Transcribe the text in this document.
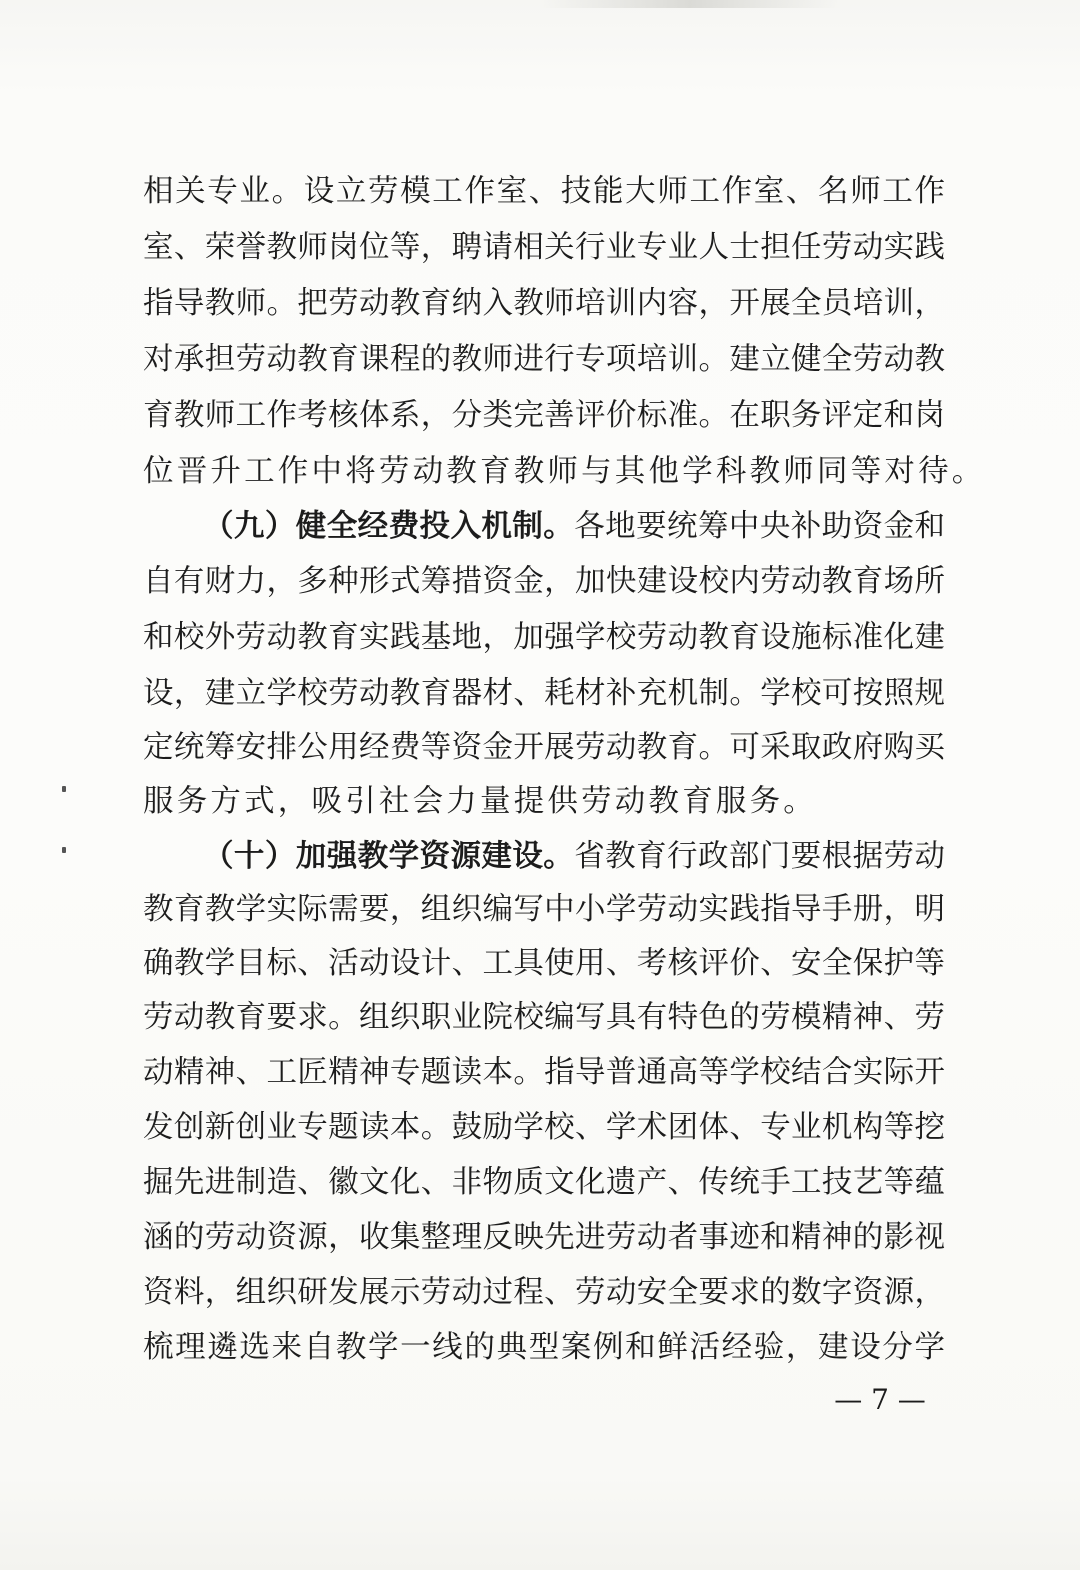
相关专业。设立劳模工作室、技能大师工作室、名师工作
室、荣誉教师岗位等，聘请相关行业专业人士担任劳动实践
指导教师。把劳动教育纳入教师培训内容，开展全员培训，
对承担劳动教育课程的教师进行专项培训。建立健全劳动教
育教师工作考核体系，分类完善评价标准。在职务评定和岗
位晋升工作中将劳动教育教师与其他学科教师同等对待。
（九）健全经费投入机制。各地要统筹中央补助资金和
自有财力，多种形式筹措资金，加快建设校内劳动教育场所
和校外劳动教育实践基地，加强学校劳动教育设施标准化建
设，建立学校劳动教育器材、耗材补充机制。学校可按照规
定统筹安排公用经费等资金开展劳动教育。可采取政府购买
服务方式，吸引社会力量提供劳动教育服务。
（十）加强教学资源建设。省教育行政部门要根据劳动
教育教学实际需要，组织编写中小学劳动实践指导手册，明
确教学目标、活动设计、工具使用、考核评价、安全保护等
劳动教育要求。组织职业院校编写具有特色的劳模精神、劳
动精神、工匠精神专题读本。指导普通高等学校结合实际开
发创新创业专题读本。鼓励学校、学术团体、专业机构等挖
掘先进制造、徽文化、非物质文化遗产、传统手工技艺等蕴
涵的劳动资源，收集整理反映先进劳动者事迹和精神的影视
资料，组织研发展示劳动过程、劳动安全要求的数字资源，
梳理遴选来自教学一线的典型案例和鲜活经验，建设分学
— 7 —
